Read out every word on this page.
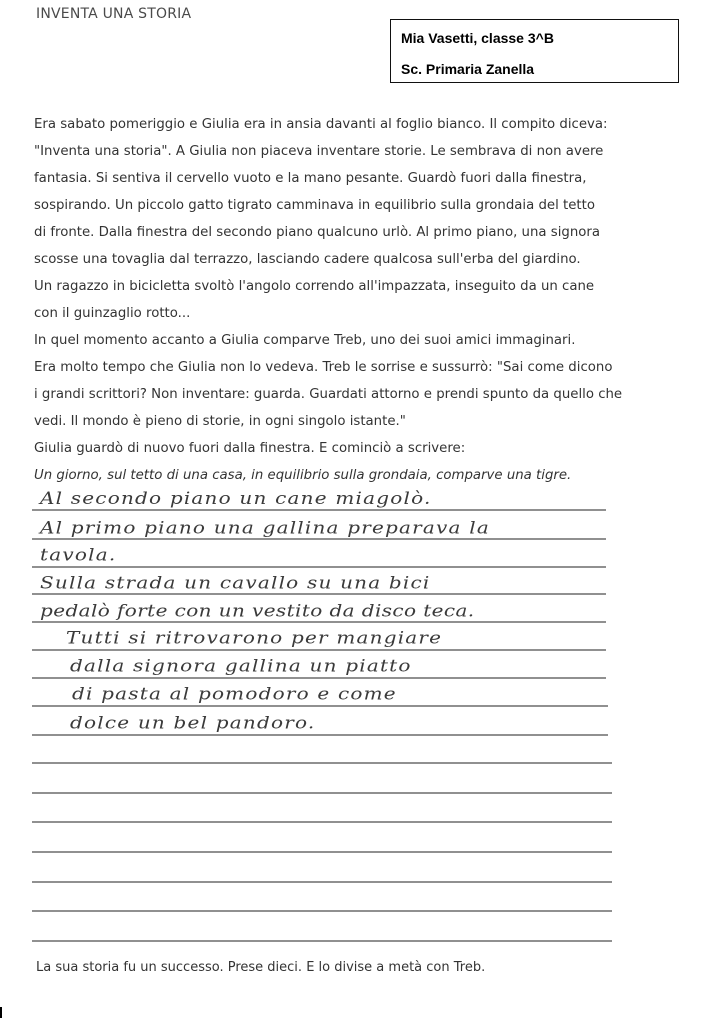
INVENTA UNA STORIA
Mia Vasetti, classe 3^B
Sc. Primaria Zanella
Era sabato pomeriggio e Giulia era in ansia davanti al foglio bianco. Il compito diceva:
"Inventa una storia". A Giulia non piaceva inventare storie. Le sembrava di non avere
fantasia. Si sentiva il cervello vuoto e la mano pesante. Guardò fuori dalla finestra,
sospirando. Un piccolo gatto tigrato camminava in equilibrio sulla grondaia del tetto
di fronte. Dalla finestra del secondo piano qualcuno urlò. Al primo piano, una signora
scosse una tovaglia dal terrazzo, lasciando cadere qualcosa sull'erba del giardino.
Un ragazzo in bicicletta svoltò l'angolo correndo all'impazzata, inseguito da un cane
con il guinzaglio rotto...
In quel momento accanto a Giulia comparve Treb, uno dei suoi amici immaginari.
Era molto tempo che Giulia non lo vedeva. Treb le sorrise e sussurrò: "Sai come dicono
i grandi scrittori? Non inventare: guarda. Guardati attorno e prendi spunto da quello che
vedi. Il mondo è pieno di storie, in ogni singolo istante."
Giulia guardò di nuovo fuori dalla finestra. E cominciò a scrivere:
Un giorno, sul tetto di una casa, in equilibrio sulla grondaia, comparve una tigre.
Al secondo piano un cane miagolò.
Al primo piano una gallina preparava la
tavola.
Sulla strada un cavallo su una bici
pedalò forte con un vestito da disco teca.
Tutti si ritrovarono per mangiare
dalla signora gallina un piatto
di pasta al pomodoro e come
dolce un bel pandoro.
La sua storia fu un successo. Prese dieci. E lo divise a metà con Treb.
